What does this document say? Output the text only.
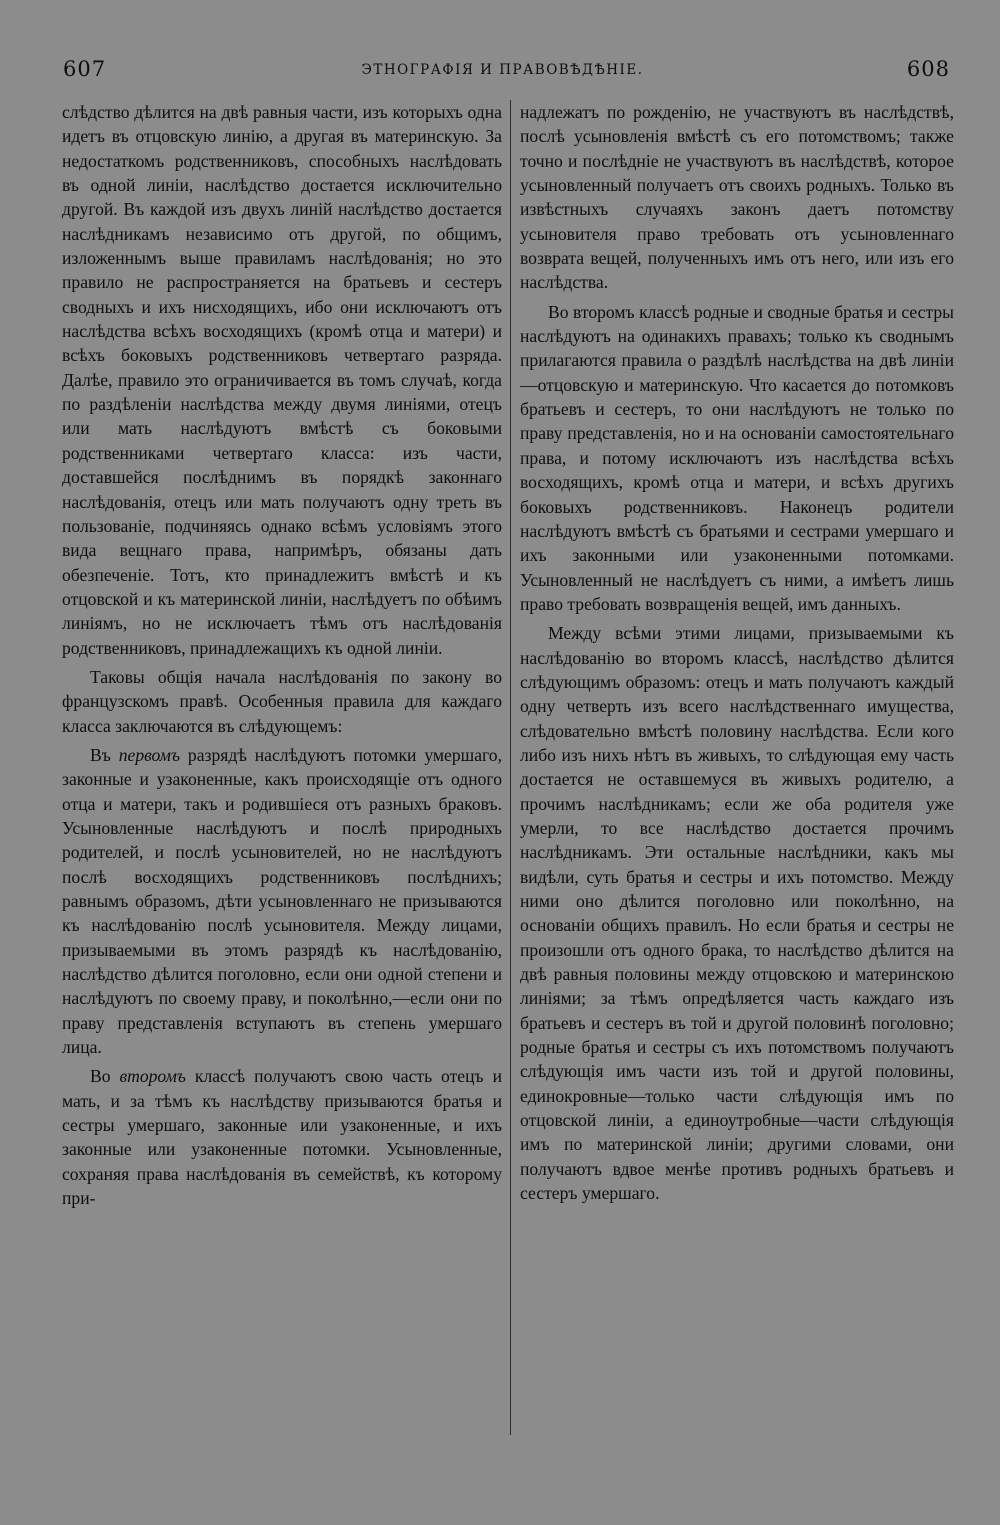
607	ЭТНОГРАФІЯ И ПРАВОВѢДѢНІЕ.	608

слѣдство дѣлится на двѣ равныя части, изъ которыхъ одна идетъ въ отцовскую линію, а другая въ материнскую. За недостаткомъ родственниковъ, способныхъ наслѣдовать въ одной линіи, наслѣдство достается исключительно другой. Въ каждой изъ двухъ линій наслѣдство достается наслѣдникамъ независимо отъ другой, по общимъ, изложеннымъ выше правиламъ наслѣдованія; но это правило не распространяется на братьевъ и сестеръ сводныхъ и ихъ нисходящихъ, ибо они исключаютъ отъ наслѣдства всѣхъ восходящихъ (кромѣ отца и матери) и всѣхъ боковыхъ родственниковъ четвертаго разряда. Далѣе, правило это ограничивается въ томъ случаѣ, когда по раздѣленіи наслѣдства между двумя линіями, отецъ или мать наслѣдуютъ вмѣстѣ съ боковыми родственниками четвертаго класса: изъ части, доставшейся послѣднимъ въ порядкѣ законнаго наслѣдованія, отецъ или мать получаютъ одну треть въ пользованіе, подчиняясь однако всѣмъ условіямъ этого вида вещнаго права, напримѣръ, обязаны дать обезпеченіе. Тотъ, кто принадлежитъ вмѣстѣ и къ отцовской и къ материнской линіи, наслѣдуетъ по обѣимъ линіямъ, но не исключаетъ тѣмъ отъ наслѣдованія родственниковъ, принадлежащихъ къ одной линіи.

Таковы общія начала наслѣдованія по закону во французскомъ правѣ. Особенныя правила для каждаго класса заключаются въ слѣдующемъ:

Въ первомъ разрядѣ наслѣдуютъ потомки умершаго, законные и узаконенные, какъ происходящіе отъ одного отца и матери, такъ и родившіеся отъ разныхъ браковъ. Усыновленные наслѣдуютъ и послѣ природныхъ родителей, и послѣ усыновителей, но не наслѣдуютъ послѣ восходящихъ родственниковъ послѣднихъ; равнымъ образомъ, дѣти усыновленнаго не призываются къ наслѣдованію послѣ усыновителя. Между лицами, призываемыми въ этомъ разрядѣ къ наслѣдованію, наслѣдство дѣлится поголовно, если они одной степени и наслѣдуютъ по своему праву, и поколѣнно,—если они по праву представленія вступаютъ въ степень умершаго лица.

Во второмъ классѣ получаютъ свою часть отецъ и мать, и за тѣмъ къ наслѣдству призываются братья и сестры умершаго, законные или узаконенные, и ихъ законные или узаконенные потомки. Усыновленные, сохраняя права наслѣдованія въ семействѣ, къ которому при-

надлежатъ по рожденію, не участвуютъ въ наслѣдствѣ, послѣ усыновленія вмѣстѣ съ его потомствомъ; также точно и послѣдніе не участвуютъ въ наслѣдствѣ, которое усыновленный получаетъ отъ своихъ родныхъ. Только въ извѣстныхъ случаяхъ законъ даетъ потомству усыновителя право требовать отъ усыновленнаго возврата вещей, полученныхъ имъ отъ него, или изъ его наслѣдства.

Во второмъ классѣ родные и сводные братья и сестры наслѣдуютъ на одинакихъ правахъ; только къ своднымъ прилагаются правила о раздѣлѣ наслѣдства на двѣ линіи —отцовскую и материнскую. Что касается до потомковъ братьевъ и сестеръ, то они наслѣдуютъ не только по праву представленія, но и на основаніи самостоятельнаго права, и потому исключаютъ изъ наслѣдства всѣхъ восходящихъ, кромѣ отца и матери, и всѣхъ другихъ боковыхъ родственниковъ. Наконецъ родители наслѣдуютъ вмѣстѣ съ братьями и сестрами умершаго и ихъ законными или узаконенными потомками. Усыновленный не наслѣдуетъ съ ними, а имѣетъ лишь право требовать возвращенія вещей, имъ данныхъ.

Между всѣми этими лицами, призываемыми къ наслѣдованію во второмъ классѣ, наслѣдство дѣлится слѣдующимъ образомъ: отецъ и мать получаютъ каждый одну четверть изъ всего наслѣдственнаго имущества, слѣдовательно вмѣстѣ половину наслѣдства. Если кого либо изъ нихъ нѣтъ въ живыхъ, то слѣдующая ему часть достается не оставшемуся въ живыхъ родителю, а прочимъ наслѣдникамъ; если же оба родителя уже умерли, то все наслѣдство достается прочимъ наслѣдникамъ. Эти остальные наслѣдники, какъ мы видѣли, суть братья и сестры и ихъ потомство. Между ними оно дѣлится поголовно или поколѣнно, на основаніи общихъ правилъ. Но если братья и сестры не произошли отъ одного брака, то наслѣдство дѣлится на двѣ равныя половины между отцовскою и материнскою линіями; за тѣмъ опредѣляется часть каждаго изъ братьевъ и сестеръ въ той и другой половинѣ поголовно; родные братья и сестры съ ихъ потомствомъ получаютъ слѣдующія имъ части изъ той и другой половины, единокровные—только части слѣдующія имъ по отцовской линіи, а единоутробные—части слѣдующія имъ по материнской линіи; другими словами, они получаютъ вдвое менѣе противъ родныхъ братьевъ и сестеръ умершаго.
